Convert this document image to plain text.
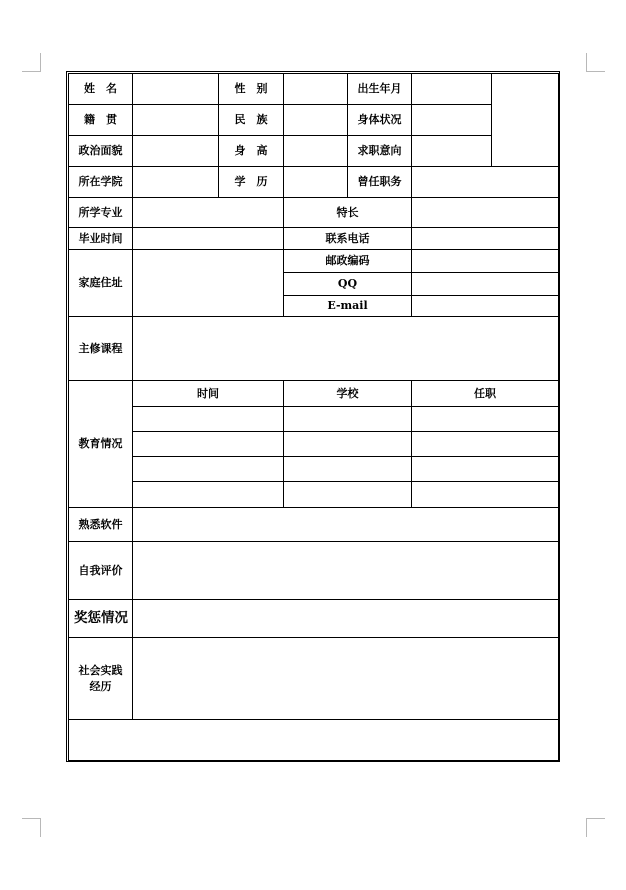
姓　名		性　别		出生年月		
籍　贯		民　族		身体状况		
政治面貌		身　高		求职意向		
所在学院		学　历		曾任职务		
所学专业			特长			
毕业时间			联系电话			
家庭住址			邮政编码			
			QQ			
			E-mail			
主修课程						
教育情况	时间		学校		任职	

熟悉软件						
自我评价						
奖惩情况						
社会实践
经历						
